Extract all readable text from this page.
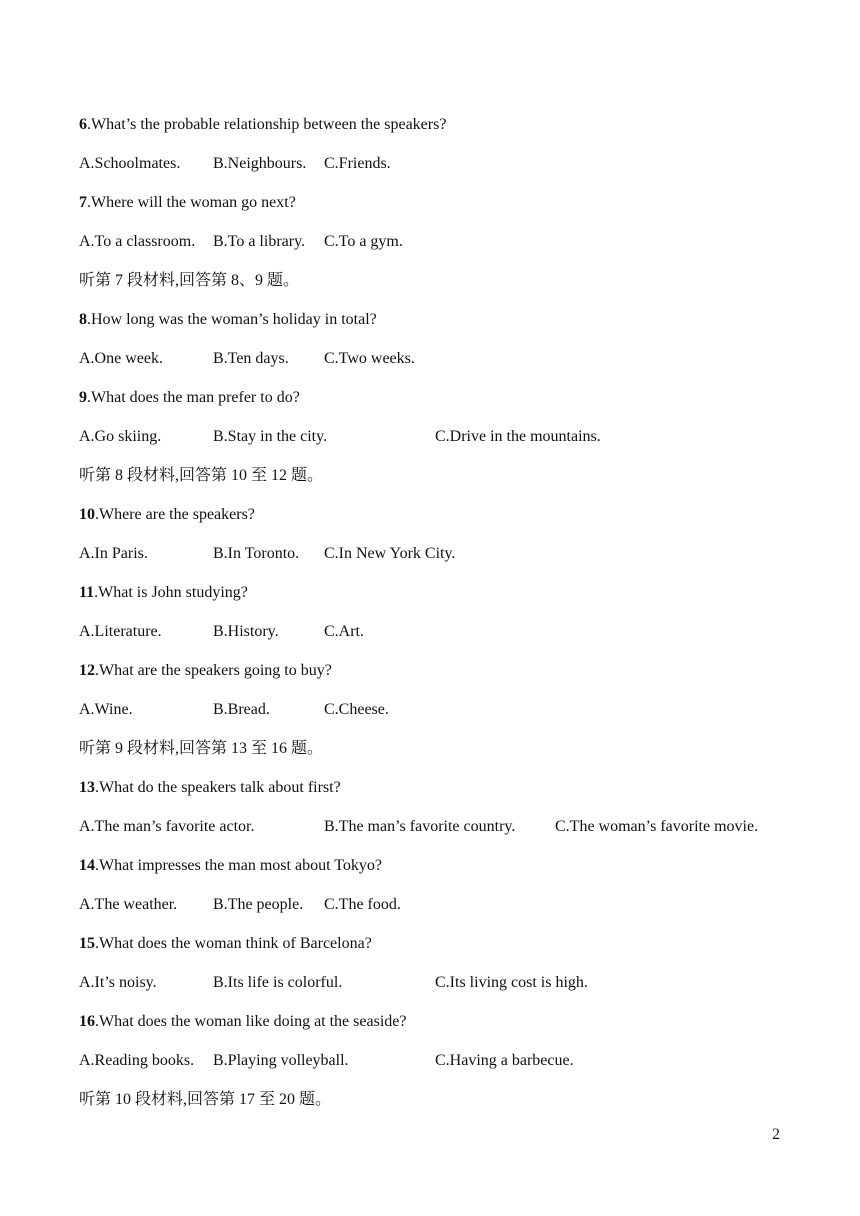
6.What’s the probable relationship between the speakers?
A.Schoolmates. B.Neighbours. C.Friends.
7.Where will the woman go next?
A.To a classroom. B.To a library. C.To a gym.
听第 7 段材料,回答第 8、9 题。
8.How long was the woman’s holiday in total?
A.One week.	B.Ten days. C.Two weeks.
9.What does the man prefer to do?
A.Go skiing.	B.Stay in the city.	C.Drive in the mountains.
听第 8 段材料,回答第 10 至 12 题。
10.Where are the speakers?
A.In Paris.	B.In Toronto. C.In New York City.
11.What is John studying?
A.Literature.	B.History.	C.Art.
12.What are the speakers going to buy?
A.Wine.	B.Bread.	C.Cheese.
听第 9 段材料,回答第 13 至 16 题。
13.What do the speakers talk about first?
A.The man’s favorite actor.	B.The man’s favorite country. C.The woman’s favorite movie.
14.What impresses the man most about Tokyo?
A.The weather. B.The people. C.The food.
15.What does the woman think of Barcelona?
A.It’s noisy.	B.Its life is colorful.	C.Its living cost is high.
16.What does the woman like doing at the seaside?
A.Reading books. B.Playing volleyball.	C.Having a barbecue.
听第 10 段材料,回答第 17 至 20 题。
2
